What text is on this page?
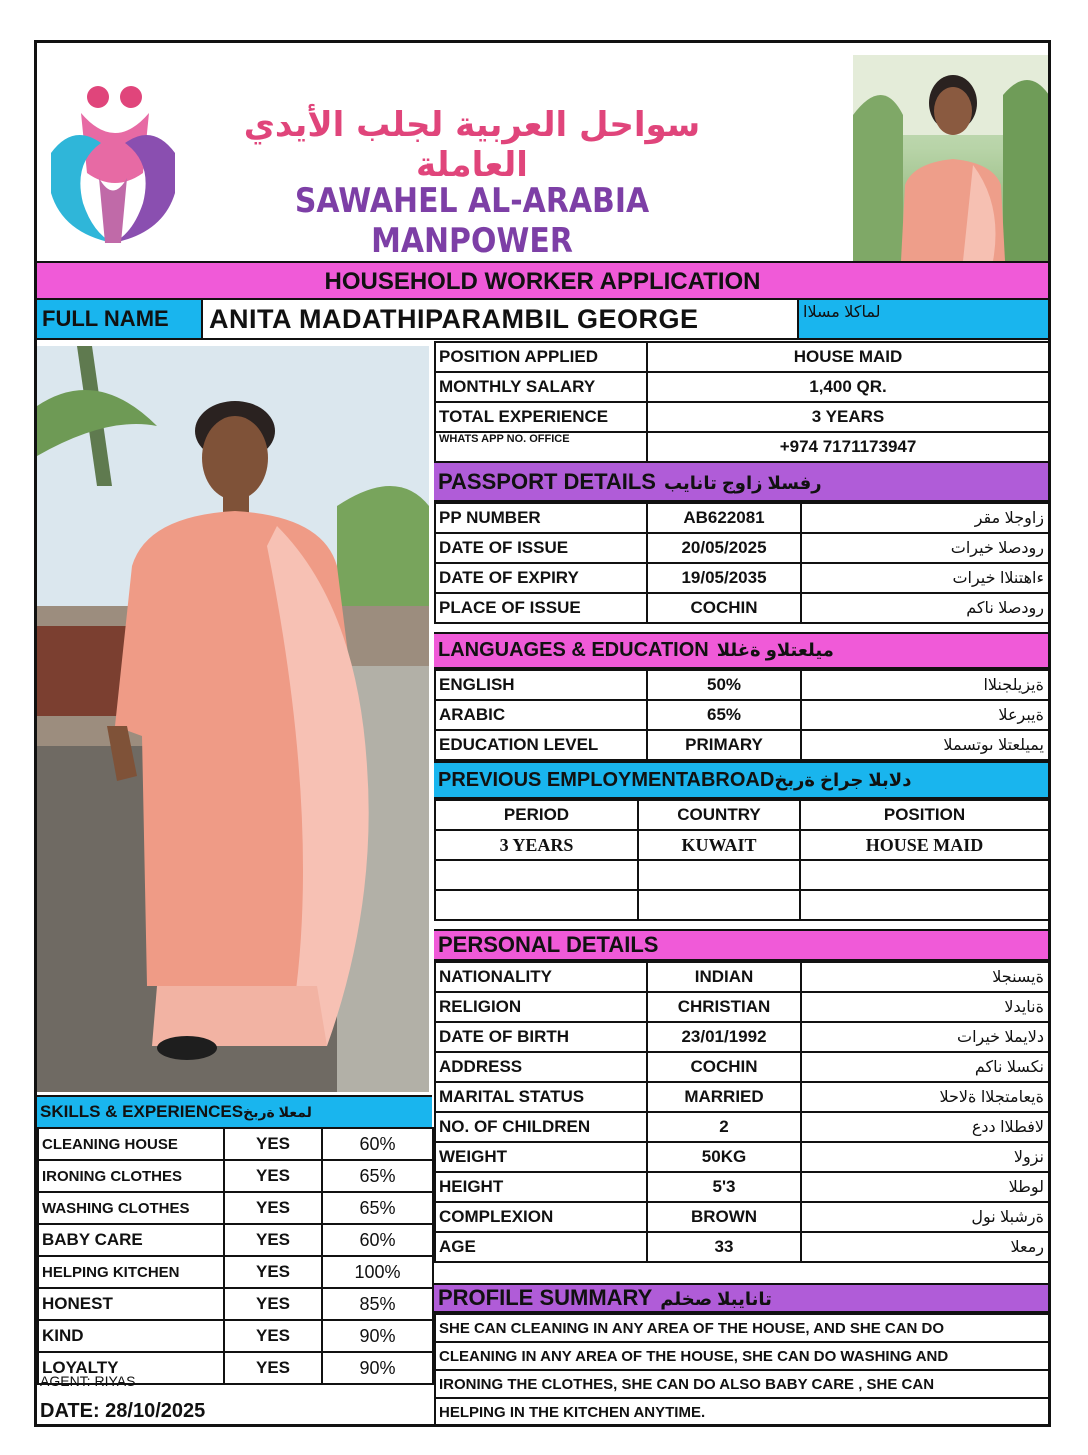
سواحل العربية لجلب الأيدي العاملة
SAWAHEL AL-ARABIA MANPOWER
HOUSEHOLD WORKER APPLICATION
FULL NAME	ANITA MADATHIPARAMBIL GEORGE	لماكلا مسلاا
POSITION APPLIED	HOUSE MAID
MONTHLY SALARY	1,400 QR.
TOTAL EXPERIENCE	3 YEARS
WHATS APP NO. OFFICE	+974 7171173947
PASSPORT DETAILS رفسلا زاوج تانايب
PP NUMBER	AB622081	زاوجلا مقر
DATE OF ISSUE	20/05/2025	رودصلا خيرات
DATE OF EXPIRY	19/05/2035	ءاهتنلاا خيرات
PLACE OF ISSUE	COCHIN	رودصلا ناكم
LANGUAGES & EDUCATION ميلعتلاو ةغللا
ENGLISH	50%	ةيزيلجنلاا
ARABIC	65%	ةيبرعلا
EDUCATION LEVEL	PRIMARY	يميلعتلا ىوتسملا
PREVIOUS EMPLOYMENTABROADدلابلا جراخ ةربخ
PERIOD	COUNTRY	POSITION
3 YEARS	KUWAIT	HOUSE MAID

PERSONAL DETAILS
NATIONALITY	INDIAN	ةيسنجلا
RELIGION	CHRISTIAN	ةنايدلا
DATE OF BIRTH	23/01/1992	دلايملا خيرات
ADDRESS	COCHIN	نكسلا ناكم
MARITAL STATUS	MARRIED	ةيعامتجلاا ةلاحلا
NO. OF CHILDREN	2	لافطلاا ددع
WEIGHT	50KG	نزولا
HEIGHT	5'3	لوطلا
COMPLEXION	BROWN	ةرشبلا نول
AGE	33	رمعلا
PROFILE SUMMARY تانايبلا صخلم
SHE CAN CLEANING IN ANY AREA OF THE HOUSE, AND SHE CAN DO
CLEANING IN ANY AREA OF THE HOUSE, SHE CAN DO WASHING AND
IRONING THE CLOTHES, SHE CAN DO ALSO BABY CARE , SHE CAN
HELPING IN THE KITCHEN ANYTIME.
SKILLS & EXPERIENCESلمعلا ةربخ
CLEANING HOUSE	YES	60%
IRONING CLOTHES	YES	65%
WASHING CLOTHES	YES	65%
BABY CARE	YES	60%
HELPING KITCHEN	YES	100%
HONEST	YES	85%
KIND	YES	90%
LOYALTY	YES	90%
AGENT: RIYAS
DATE: 28/10/2025
